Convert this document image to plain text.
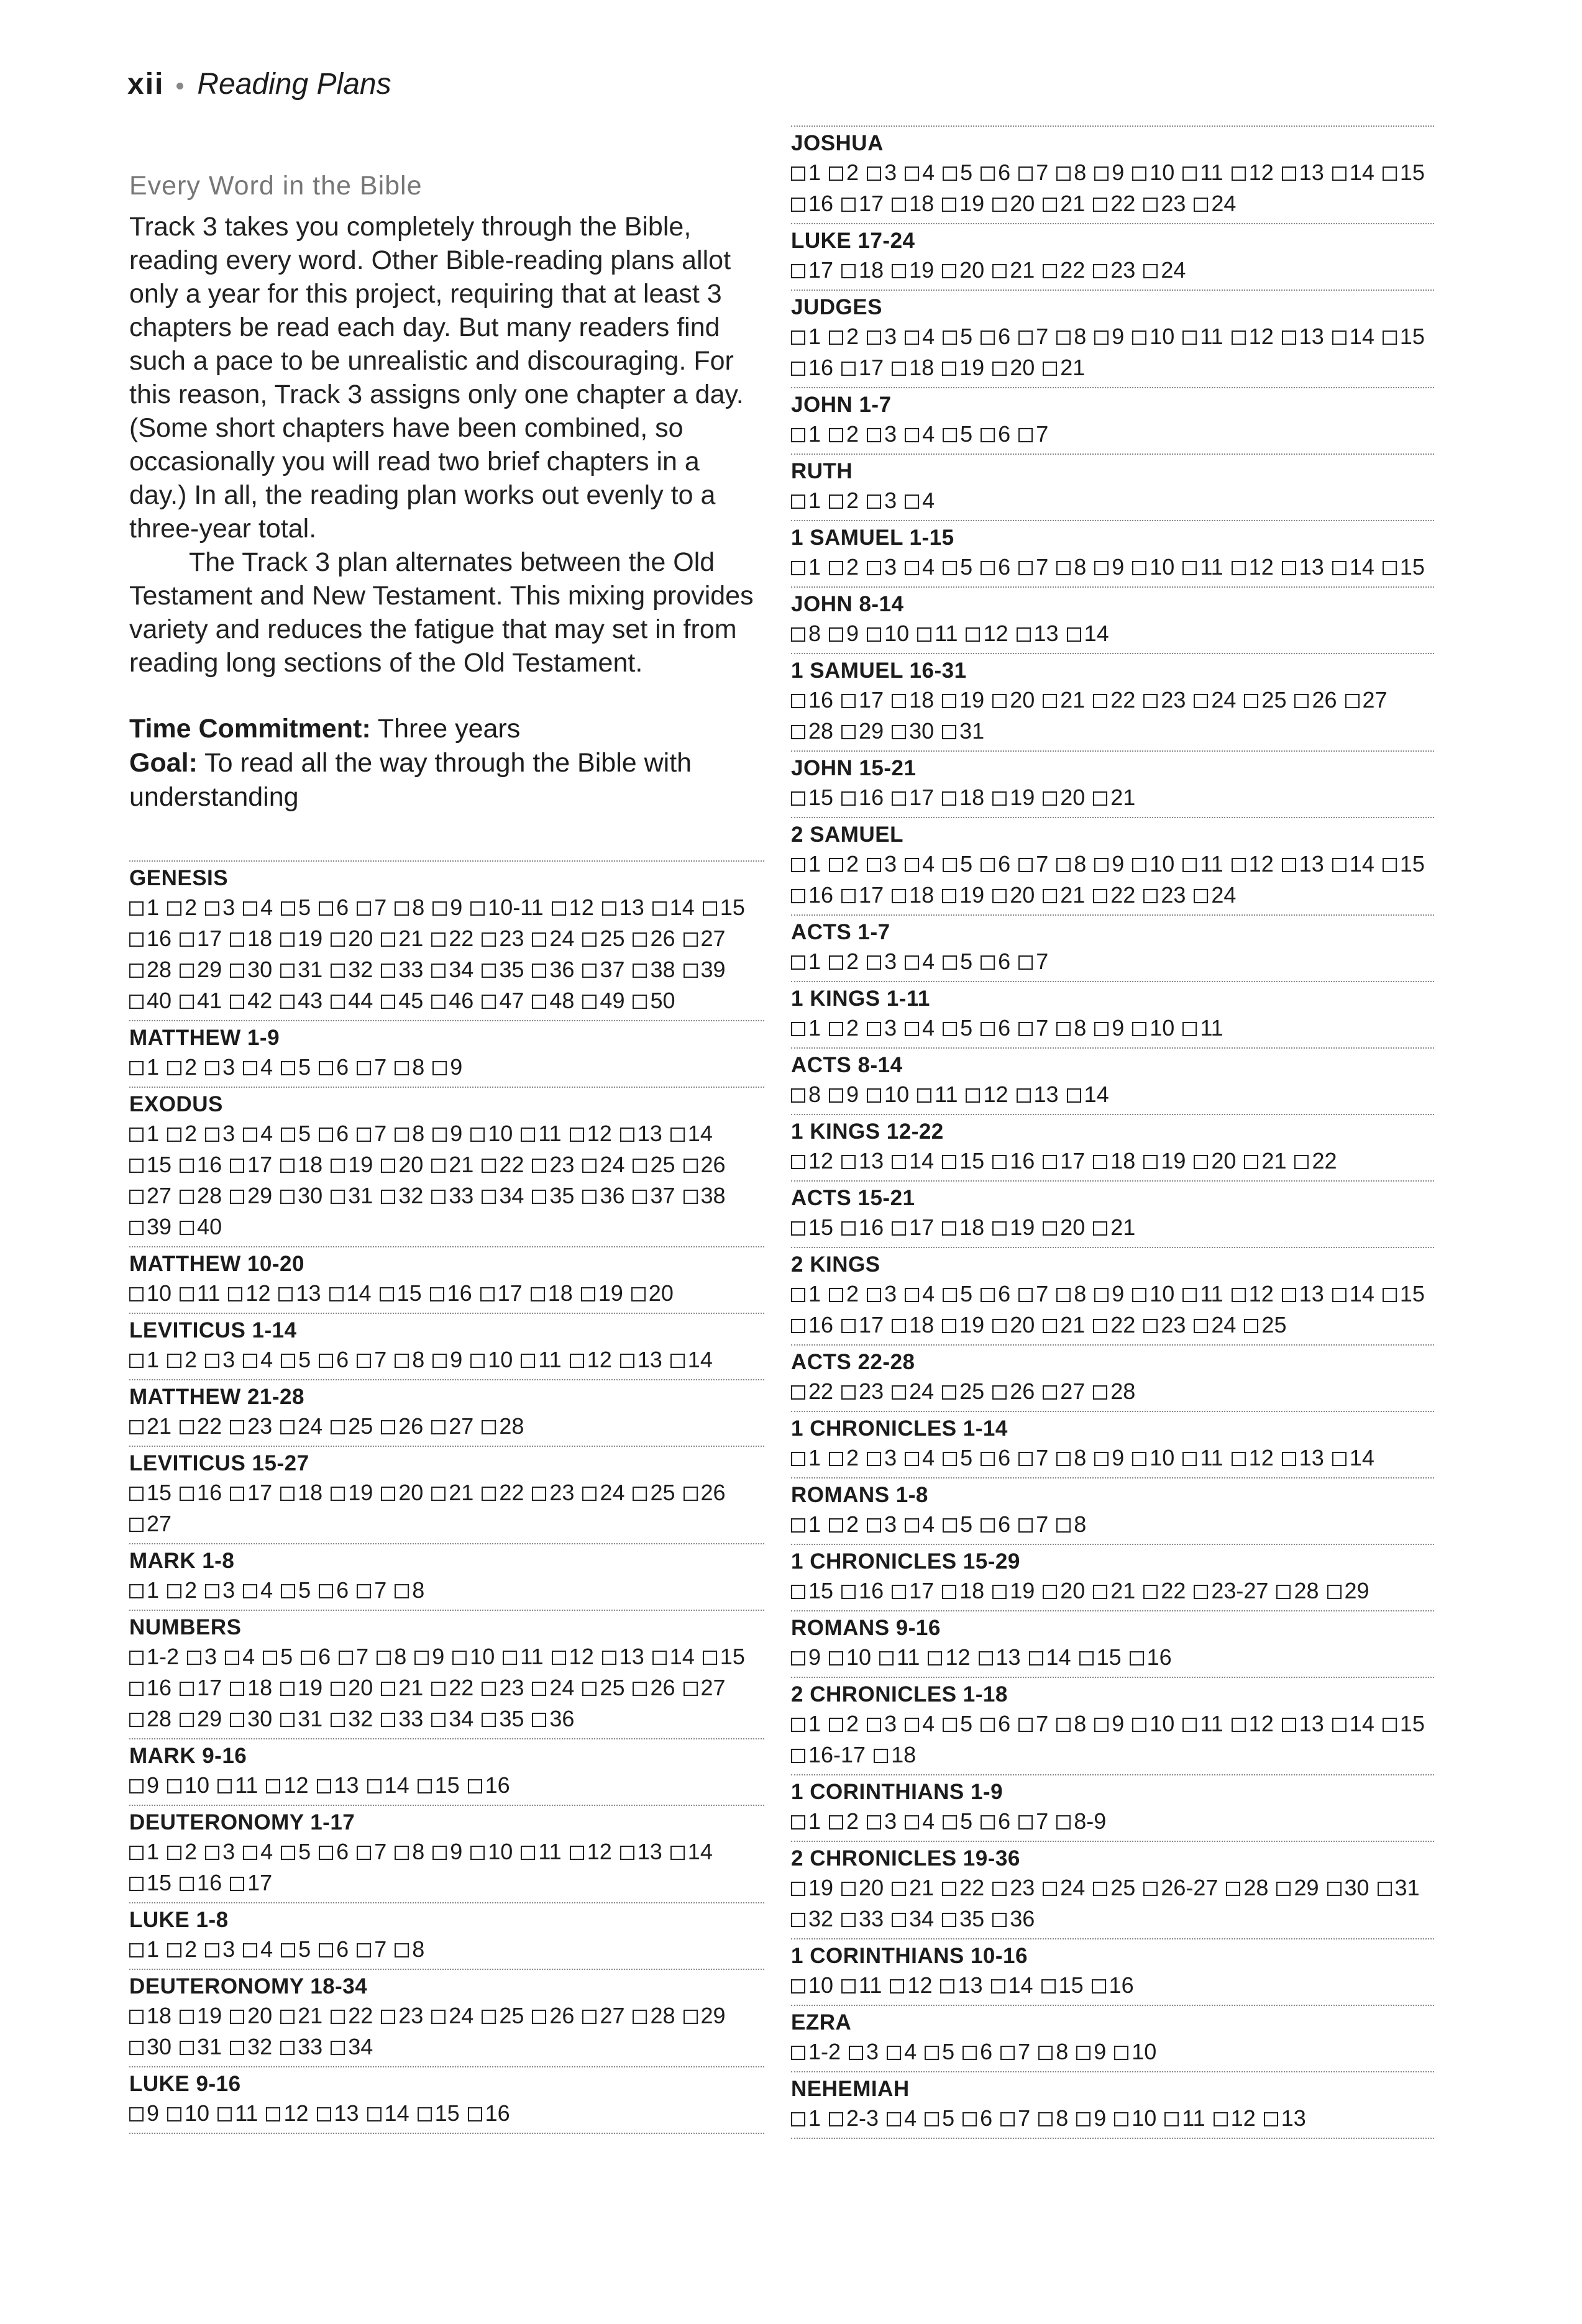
xii Reading Plans
Every Word in the Bible

Track 3 takes you completely through the Bible, reading every word. Other Bible-reading plans allot only a year for this project, requiring that at least 3 chapters be read each day. But many readers find such a pace to be unrealistic and discouraging. For this reason, Track 3 assigns only one chapter a day. (Some short chapters have been combined, so occasionally you will read two brief chapters in a day.) In all, the reading plan works out evenly to a three-year total.

The Track 3 plan alternates between the Old Testament and New Testament. This mixing provides variety and reduces the fatigue that may set in from reading long sections of the Old Testament.

Time Commitment: Three years
Goal: To read all the way through the Bible with understanding
GENESIS
1 2 3 4 5 6 7 8 9 10-11 12 13 14 1516 17 18 19 20 21 22 23 24 25 26 2728 29 30 31 32 33 34 35 36 37 38 3940 41 42 43 44 45 46 47 48 49 50
MATTHEW 1-9
1 2 3 4 5 6 7 8 9
EXODUS
1 2 3 4 5 6 7 8 9 10 11 12 13 1415 16 17 18 19 20 21 22 23 24 25 2627 28 29 30 31 32 33 34 35 36 37 3839 40
MATTHEW 10-20
10 11 12 13 14 15 16 17 18 19 20
LEVITICUS 1-14
1 2 3 4 5 6 7 8 9 10 11 12 13 14
MATTHEW 21-28
21 22 23 24 25 26 27 28
LEVITICUS 15-27
15 16 17 18 19 20 21 22 23 24 25 2627
MARK 1-8
1 2 3 4 5 6 7 8
NUMBERS
1-2 3 4 5 6 7 8 9 10 11 12 13 14 1516 17 18 19 20 21 22 23 24 25 26 2728 29 30 31 32 33 34 35 36
MARK 9-16
9 10 11 12 13 14 15 16
DEUTERONOMY 1-17
1 2 3 4 5 6 7 8 9 10 11 12 13 1415 16 17
LUKE 1-8
1 2 3 4 5 6 7 8
DEUTERONOMY 18-34
18 19 20 21 22 23 24 25 26 27 28 2930 31 32 33 34
LUKE 9-16
9 10 11 12 13 14 15 16
JOSHUA
1 2 3 4 5 6 7 8 9 10 11 12 13 14 1516 17 18 19 20 21 22 23 24
LUKE 17-24
17 18 19 20 21 22 23 24
JUDGES
1 2 3 4 5 6 7 8 9 10 11 12 13 14 1516 17 18 19 20 21
JOHN 1-7
1 2 3 4 5 6 7
RUTH
1 2 3 4
1 SAMUEL 1-15
1 2 3 4 5 6 7 8 9 10 11 12 13 14 15
JOHN 8-14
8 9 10 11 12 13 14
1 SAMUEL 16-31
16 17 18 19 20 21 22 23 24 25 26 2728 29 30 31
JOHN 15-21
15 16 17 18 19 20 21
2 SAMUEL
1 2 3 4 5 6 7 8 9 10 11 12 13 14 1516 17 18 19 20 21 22 23 24
ACTS 1-7
1 2 3 4 5 6 7
1 KINGS 1-11
1 2 3 4 5 6 7 8 9 10 11
ACTS 8-14
8 9 10 11 12 13 14
1 KINGS 12-22
12 13 14 15 16 17 18 19 20 21 22
ACTS 15-21
15 16 17 18 19 20 21
2 KINGS
1 2 3 4 5 6 7 8 9 10 11 12 13 14 1516 17 18 19 20 21 22 23 24 25
ACTS 22-28
22 23 24 25 26 27 28
1 CHRONICLES 1-14
1 2 3 4 5 6 7 8 9 10 11 12 13 14
ROMANS 1-8
1 2 3 4 5 6 7 8
1 CHRONICLES 15-29
15 16 17 18 19 20 21 22 23-27 28 29
ROMANS 9-16
9 10 11 12 13 14 15 16
2 CHRONICLES 1-18
1 2 3 4 5 6 7 8 9 10 11 12 13 14 1516-17 18
1 CORINTHIANS 1-9
1 2 3 4 5 6 7 8-9
2 CHRONICLES 19-36
19 20 21 22 23 24 25 26-27 28 29 30 3132 33 34 35 36
1 CORINTHIANS 10-16
10 11 12 13 14 15 16
EZRA
1-2 3 4 5 6 7 8 9 10
NEHEMIAH
1 2-3 4 5 6 7 8 9 10 11 12 13
